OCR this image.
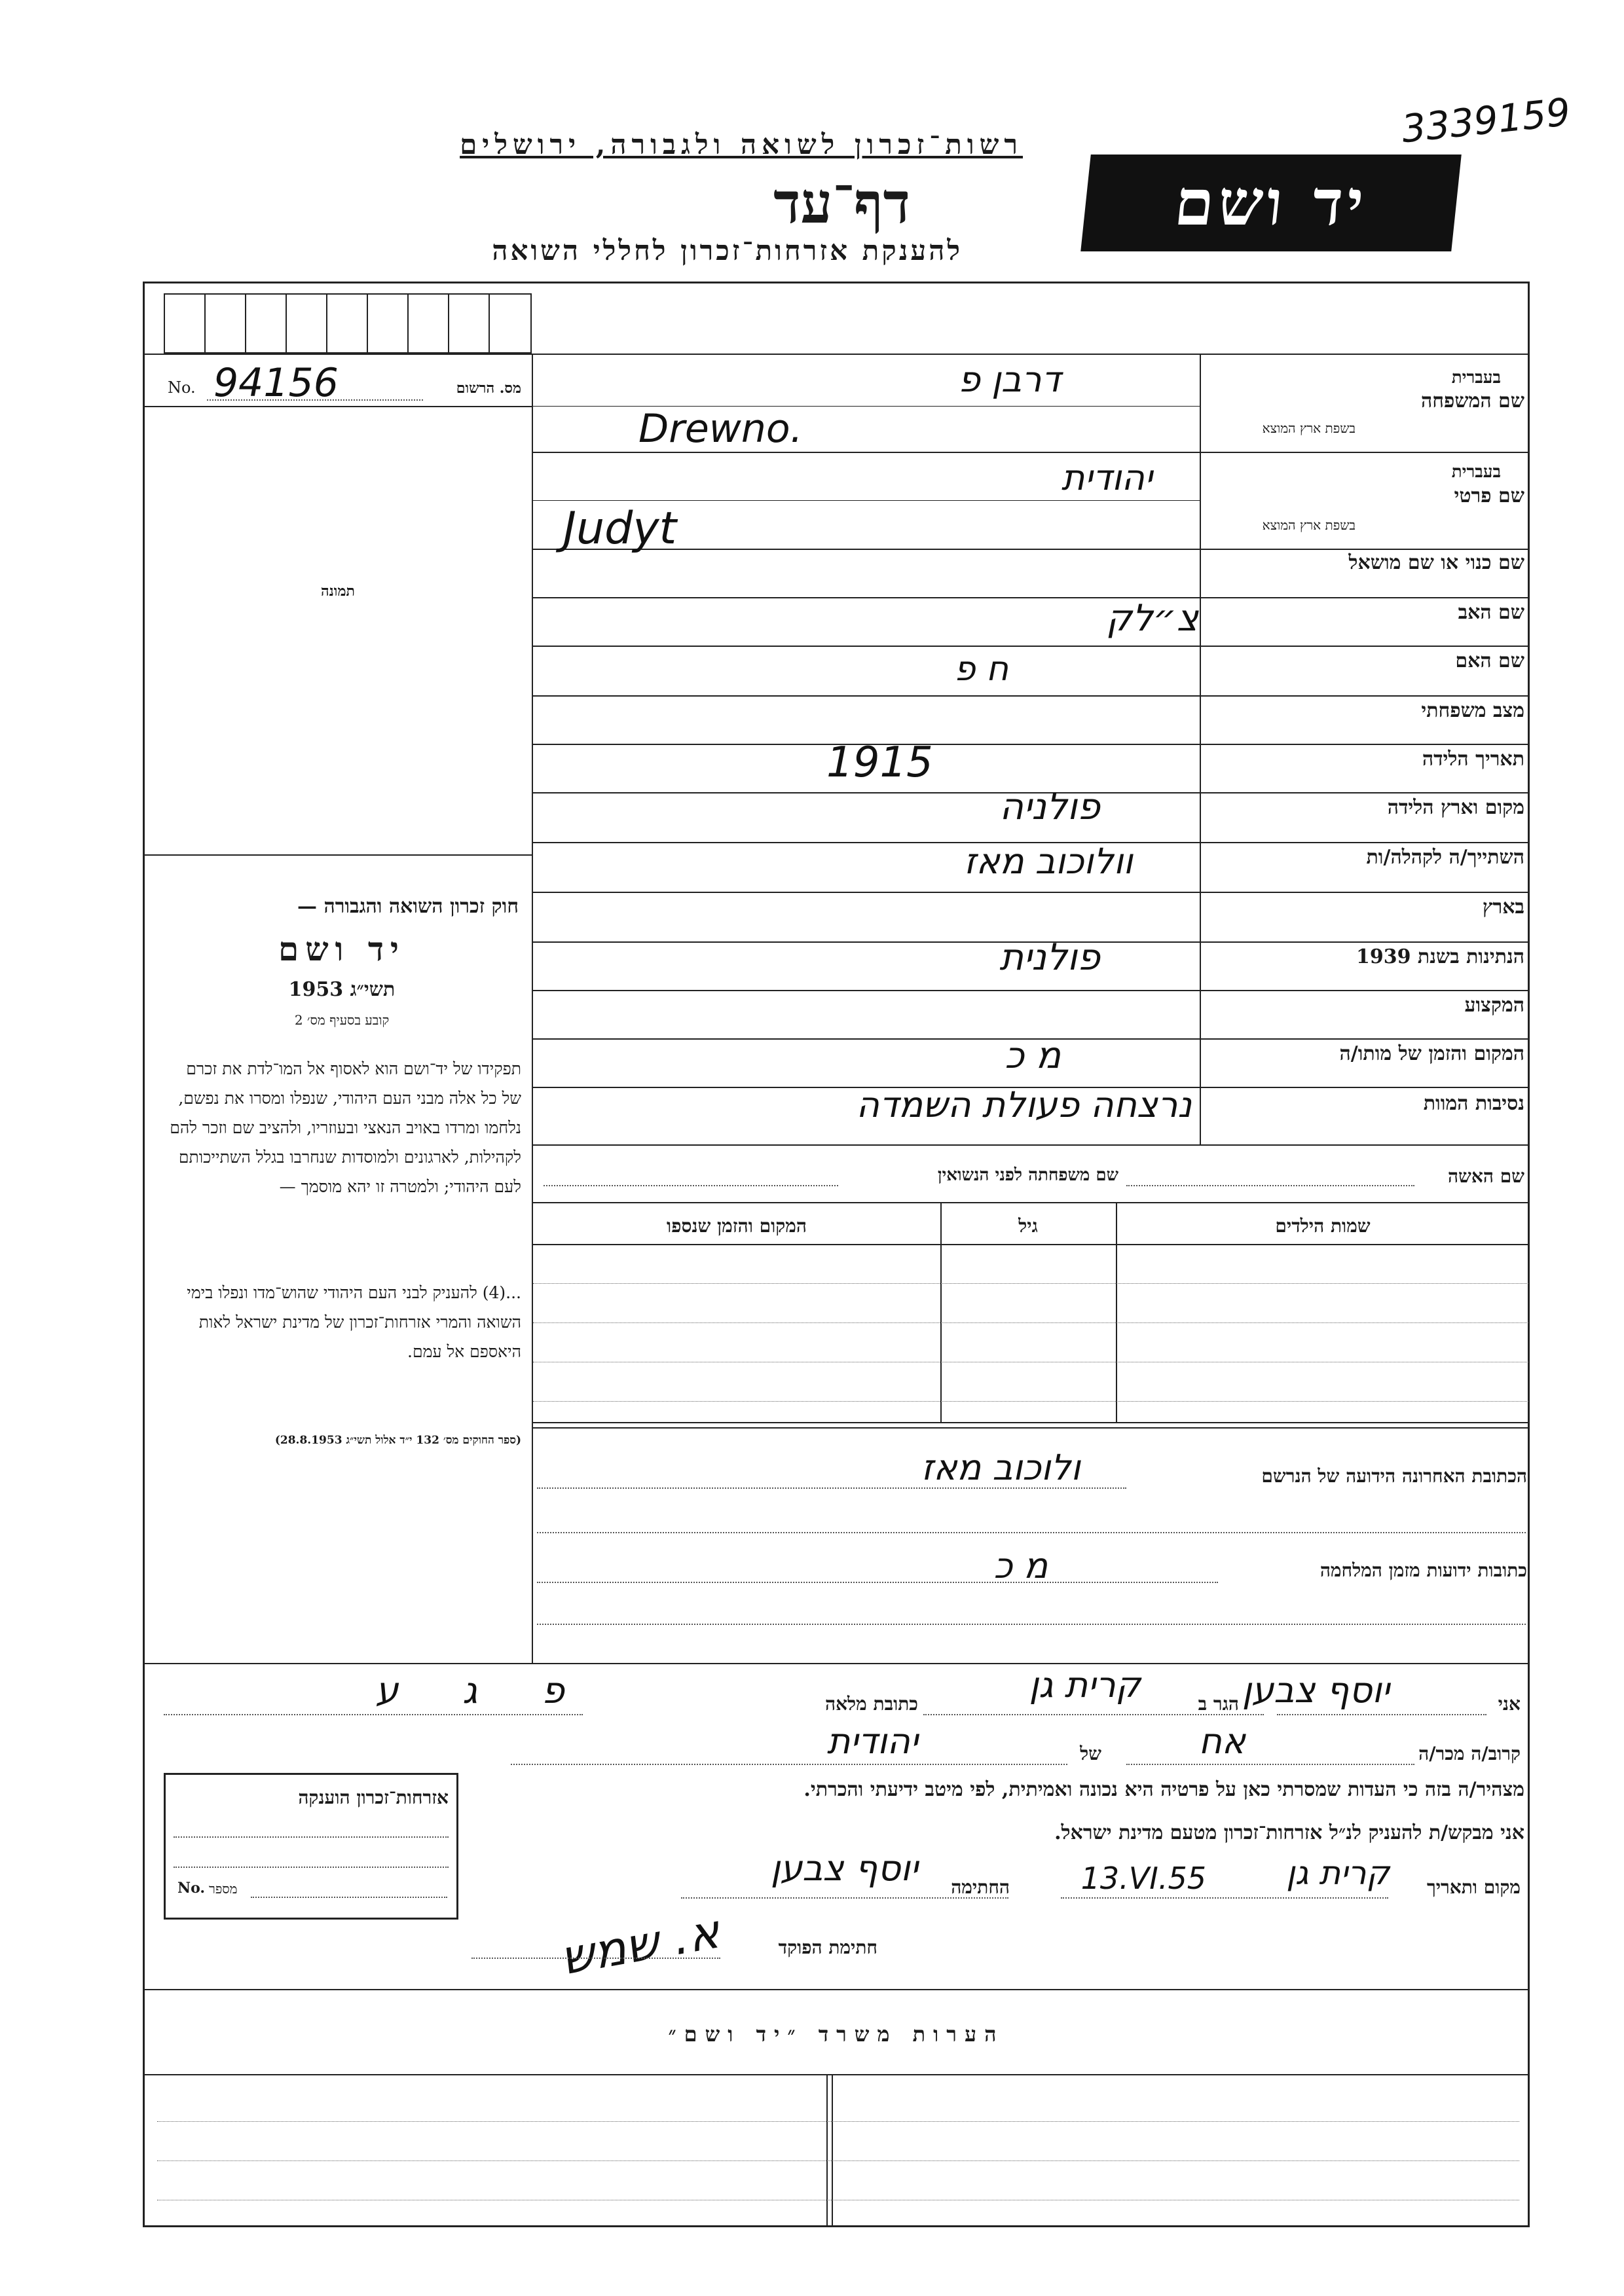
3339159
יד ושם
רשות־זכרון לשואה ולגבורה, ירושלים
דף־עד
להענקת אזרחות־זכרון לחללי השואה
No. 94156	מס. הרשום
תמונה
בעברית
שם המשפחה
בשפת ארץ המוצא
בעברית
שם פרטי
בשפת ארץ המוצא
שם כנוי או שם מושאל
שם האב
שם האם
מצב משפחתי
תאריך הלידה
מקום וארץ הלידה
השתייך/ה לקהלה/ות
בארץ
הנתינות בשנת 1939
המקצוע
המקום והזמן של מותו/ה
נסיבות המוות
דרבן פ
Drewno.
יהודית
Judyt
צ״לק
ח פ
1915
פולניה
וולוכוב מאז
פולנית
מ כ
נרצחה פעולת השמדה
חוק זכרון השואה והגבורה —
יד ושם
תשי״ג 1953
קובע בסעיף מס׳ 2
תפקידו של יד־ושם הוא לאסוף אל המו־לדת את זכרם של כל אלה מבני העם היהודי, שנפלו ומסרו את נפשם, נלחמו ומרדו באויב הנאצי ובעוזריו, ולהציב שם וזכר להם לקהילות, לארגונים ולמוסדות שנחרבו בגלל השתייכותם לעם היהודי; ולמטרה זו יהא מוסמך —
...(4) להעניק לבני העם היהודי שהוש־מדו ונפלו בימי השואה והמרי אזרחות־זכרון של מדינת ישראל לאות היאספם אל עמם.
(ספר החוקים מס׳ 132 י״ד אלול תשי״ג 28.8.1953)
שם האשה
שם משפחתה לפני הנשואין
שמות הילדים
גיל
המקום והזמן שנספו
הכתובת האחרונה הידועה של הנרשם
ולוכוב מאז
כתובות ידועות מזמן המלחמה
מ כ
אני
יוסף צבען
הגר ב
קרית גן
כתובת מלאה
פ ג ע
קרוב/ה מכר/ה
אח
של
יהודית
מצהיר/ה בזה כי העדות שמסרתי כאן על פרטיה היא נכונה ואמיתית, לפי מיטב ידיעתי והכרתי.
אני מבקש/ת להעניק לנ״ל אזרחות־זכרון מטעם מדינת ישראל.
מקום ותאריך
קרית גן
13.VI.55
החתימה
יוסף צבען
חתימת הפוקד
א. שמש
אזרחות־זכרון הוענקה
No. מספר
הערות משרד ״יד ושם״
